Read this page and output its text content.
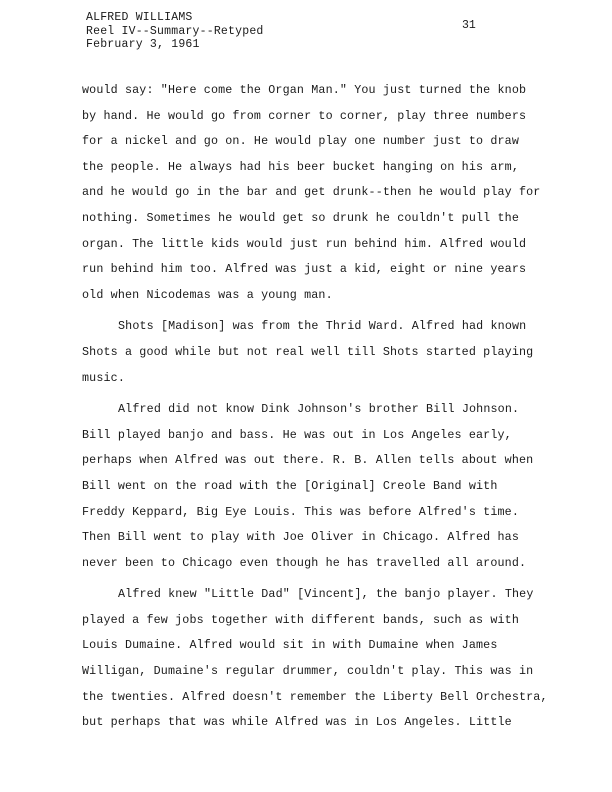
ALFRED WILLIAMS
Reel IV--Summary--Retyped
February 3, 1961
31
would say: "Here come the Organ Man." You just turned the knob
by hand. He would go from corner to corner, play three numbers
for a nickel and go on. He would play one number just to draw
the people. He always had his beer bucket hanging on his arm,
and he would go in the bar and get drunk--then he would play for
nothing. Sometimes he would get so drunk he couldn't pull the
organ. The little kids would just run behind him. Alfred would
run behind him too. Alfred was just a kid, eight or nine years
old when Nicodemas was a young man.
Shots [Madison] was from the Thrid Ward. Alfred had known
Shots a good while but not real well till Shots started playing
music.
Alfred did not know Dink Johnson's brother Bill Johnson.
Bill played banjo and bass. He was out in Los Angeles early,
perhaps when Alfred was out there. R. B. Allen tells about when
Bill went on the road with the [Original] Creole Band with
Freddy Keppard, Big Eye Louis. This was before Alfred's time.
Then Bill went to play with Joe Oliver in Chicago. Alfred has
never been to Chicago even though he has travelled all around.
Alfred knew "Little Dad" [Vincent], the banjo player. They
played a few jobs together with different bands, such as with
Louis Dumaine. Alfred would sit in with Dumaine when James
Willigan, Dumaine's regular drummer, couldn't play. This was in
the twenties. Alfred doesn't remember the Liberty Bell Orchestra,
but perhaps that was while Alfred was in Los Angeles. Little
